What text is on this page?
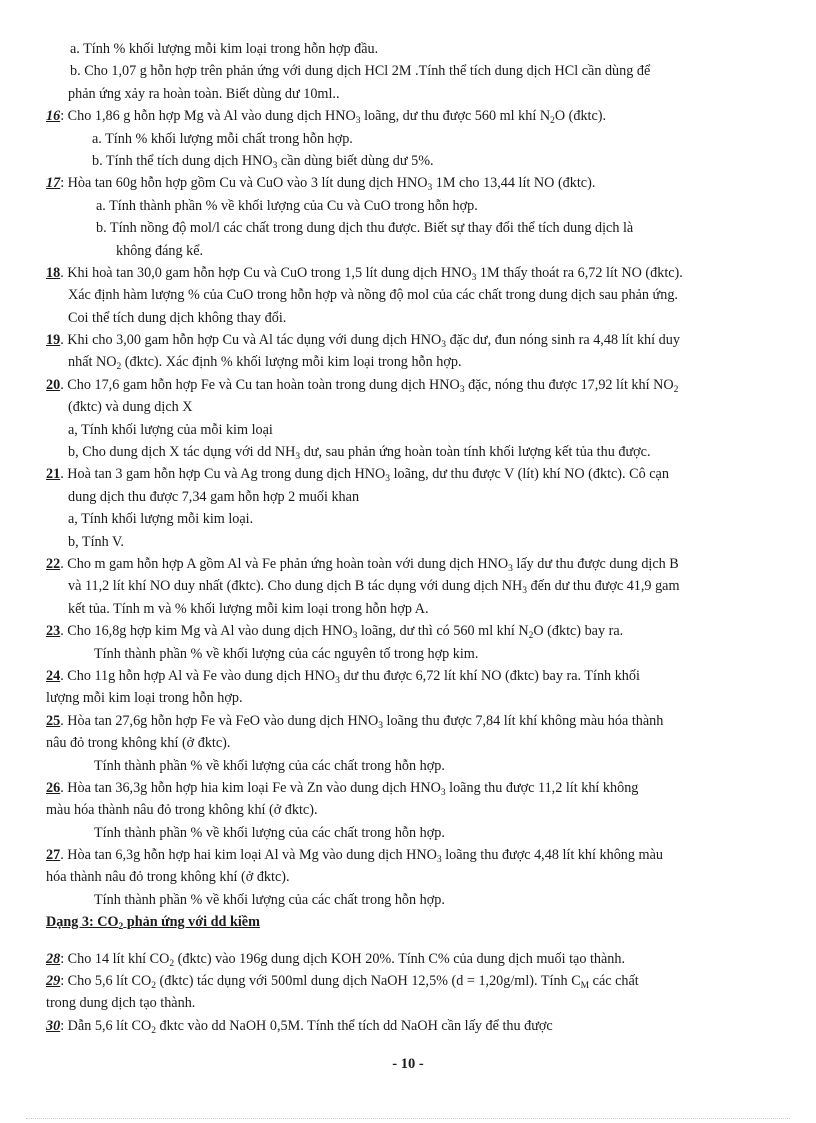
a. Tính % khối lượng mỗi kim loại trong hỗn hợp đầu.
b. Cho 1,07 g hỗn hợp trên phản ứng với dung dịch HCl 2M .Tính thể tích dung dịch HCl cần dùng để
phản ứng xảy ra hoàn toàn. Biết dùng dư 10ml..
16: Cho 1,86 g hỗn hợp Mg và Al vào dung dịch $HNO_3$ loãng, dư thu được 560 ml khí $N_2O$ (đktc).
a. Tính % khối lượng mỗi chất trong hỗn hợp.
b. Tính thể tích dung dịch $HNO_3$ cần dùng biết dùng dư 5%.
17: Hòa tan 60g hỗn hợp gồm Cu và CuO vào 3 lít dung dịch $HNO_3$ 1M cho 13,44 lít NO (đktc).
a. Tính thành phần % về khối lượng của Cu và CuO trong hỗn hợp.
b. Tính nồng độ mol/l các chất trong dung dịch thu được. Biết sự thay đổi thể tích dung dịch là
không đáng kể.
18. Khi hoà tan 30,0 gam hỗn hợp Cu và CuO trong 1,5 lít dung dịch $HNO_3$ 1M thấy thoát ra 6,72 lít NO (đktc).
Xác định hàm lượng % của CuO trong hỗn hợp và nồng độ mol của các chất trong dung dịch sau phản ứng.
Coi thể tích dung dịch không thay đổi.
19. Khi cho 3,00 gam hỗn hợp Cu và Al tác dụng với dung dịch $HNO_3$ đặc dư, đun nóng sinh ra 4,48 lít khí duy
nhất $NO_2$ (đktc). Xác định % khối lượng mỗi kim loại trong hỗn hợp.
20. Cho 17,6 gam hỗn hợp Fe và Cu tan hoàn toàn trong dung dịch $HNO_3$ đặc, nóng thu được 17,92 lít khí $NO_2$
(đktc) và dung dịch X
a, Tính khối lượng của mỗi kim loại
b, Cho dung dịch X tác dụng với dd $NH_3$ dư, sau phản ứng hoàn toàn tính khối lượng kết tủa thu được.
21. Hoà tan 3 gam hỗn hợp Cu và Ag trong dung dịch $HNO_3$ loãng, dư thu được V (lít) khí NO (đktc). Cô cạn
dung dịch thu được 7,34 gam hỗn hợp 2 muối khan
a, Tính khối lượng mỗi kim loại.
b, Tính V.
22. Cho m gam hỗn hợp A gồm Al và Fe phản ứng hoàn toàn với dung dịch $HNO_3$ lấy dư thu được dung dịch B
và 11,2 lít khí NO duy nhất (đktc). Cho dung dịch B tác dụng với dung dịch $NH_3$ đến dư thu được 41,9 gam
kết tủa. Tính m và % khối lượng mỗi kim loại trong hỗn hợp A.
23. Cho 16,8g hợp kim Mg và Al vào dung dịch $HNO_3$ loãng, dư thì có 560 ml khí $N_2O$ (đktc) bay ra.
Tính thành phần % về khối lượng của các nguyên tố trong hợp kim.
24. Cho 11g hỗn hợp Al và Fe vào dung dịch $HNO_3$ dư thu được 6,72 lít khí NO (đktc) bay ra. Tính khối
lượng mỗi kim loại trong hỗn hợp.
25. Hòa tan 27,6g hỗn hợp Fe và FeO vào dung dịch $HNO_3$ loãng thu được 7,84 lít khí không màu hóa thành
nâu đỏ trong không khí (ở đktc).
Tính thành phần % về khối lượng của các chất trong hỗn hợp.
26. Hòa tan 36,3g hỗn hợp hia kim loại Fe và Zn vào dung dịch $HNO_3$ loãng thu được 11,2 lít khí không
màu hóa thành nâu đỏ trong không khí (ở đktc).
Tính thành phần % về khối lượng của các chất trong hỗn hợp.
27. Hòa tan 6,3g hỗn hợp hai kim loại Al và Mg vào dung dịch $HNO_3$ loãng thu được 4,48 lít khí không màu
hóa thành nâu đỏ trong không khí (ở đktc).
Tính thành phần % về khối lượng của các chất trong hỗn hợp.
Dạng 3: $CO_2$ phản ứng với dd kiềm
28: Cho 14 lít khí $CO_2$ (đktc) vào 196g dung dịch KOH 20%. Tính C% của dung dịch muối tạo thành.
29: Cho 5,6 lít $CO_2$ (đktc) tác dụng với 500ml dung dịch NaOH 12,5% (d = 1,20g/ml). Tính $C_M$ các chất
trong dung dịch tạo thành.
30: Dẫn 5,6 lít $CO_2$ đktc vào dd NaOH 0,5M. Tính thể tích dd NaOH cần lấy để thu được
- 10 -
